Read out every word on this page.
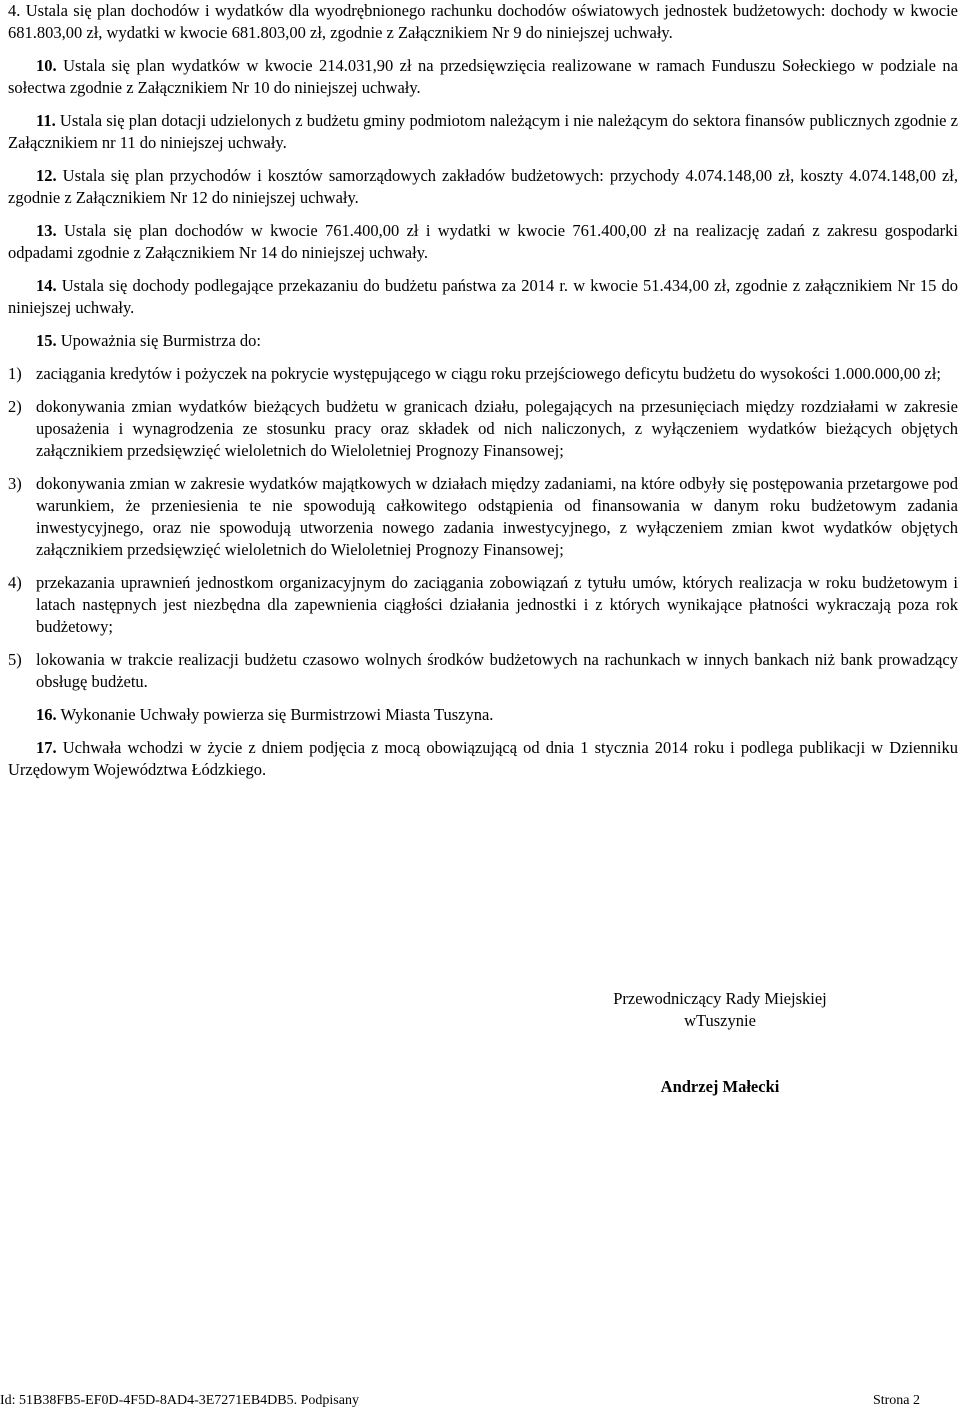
4. Ustala się plan dochodów i wydatków dla wyodrębnionego rachunku dochodów oświatowych jednostek budżetowych: dochody w kwocie 681.803,00 zł, wydatki w kwocie 681.803,00 zł, zgodnie z Załącznikiem Nr 9 do niniejszej uchwały.

10. Ustala się plan wydatków w kwocie 214.031,90 zł na przedsięwzięcia realizowane w ramach Funduszu Sołeckiego w podziale na sołectwa zgodnie z Załącznikiem Nr 10 do niniejszej uchwały.

11. Ustala się plan dotacji udzielonych z budżetu gminy podmiotom należącym i nie należącym do sektora finansów publicznych zgodnie z Załącznikiem nr 11 do niniejszej uchwały.

12. Ustala się plan przychodów i kosztów samorządowych zakładów budżetowych: przychody 4.074.148,00 zł, koszty 4.074.148,00 zł, zgodnie z Załącznikiem Nr 12 do niniejszej uchwały.

13. Ustala się plan dochodów w kwocie 761.400,00 zł i wydatki w kwocie 761.400,00 zł na realizację zadań z zakresu gospodarki odpadami zgodnie z Załącznikiem Nr 14 do niniejszej uchwały.

14. Ustala się dochody podlegające przekazaniu do budżetu państwa za 2014 r. w kwocie 51.434,00 zł, zgodnie z załącznikiem Nr 15 do niniejszej uchwały.

15. Upoważnia się Burmistrza do:

1) zaciągania kredytów i pożyczek na pokrycie występującego w ciągu roku przejściowego deficytu budżetu do wysokości 1.000.000,00 zł;
2) dokonywania zmian wydatków bieżących budżetu w granicach działu, polegających na przesunięciach między rozdziałami w zakresie uposażenia i wynagrodzenia ze stosunku pracy oraz składek od nich naliczonych, z wyłączeniem wydatków bieżących objętych załącznikiem przedsięwzięć wieloletnich do Wieloletniej Prognozy Finansowej;
3) dokonywania zmian w zakresie wydatków majątkowych w działach między zadaniami, na które odbyły się postępowania przetargowe pod warunkiem, że przeniesienia te nie spowodują całkowitego odstąpienia od finansowania w danym roku budżetowym zadania inwestycyjnego, oraz nie spowodują utworzenia nowego zadania inwestycyjnego, z wyłączeniem zmian kwot wydatków objętych załącznikiem przedsięwzięć wieloletnich do Wieloletniej Prognozy Finansowej;
4) przekazania uprawnień jednostkom organizacyjnym do zaciągania zobowiązań z tytułu umów, których realizacja w roku budżetowym i latach następnych jest niezbędna dla zapewnienia ciągłości działania jednostki i z których wynikające płatności wykraczają poza rok budżetowy;
5) lokowania w trakcie realizacji budżetu czasowo wolnych środków budżetowych na rachunkach w innych bankach niż bank prowadzący obsługę budżetu.

16. Wykonanie Uchwały powierza się Burmistrzowi Miasta Tuszyna.

17. Uchwała wchodzi w życie z dniem podjęcia z mocą obowiązującą od dnia 1 stycznia 2014 roku i podlega publikacji w Dzienniku Urzędowym Województwa Łódzkiego.

Przewodniczący Rady Miejskiej
wTuszynie
Andrzej Małecki
Id: 51B38FB5-EF0D-4F5D-8AD4-3E7271EB4DB5. Podpisany	Strona 2
